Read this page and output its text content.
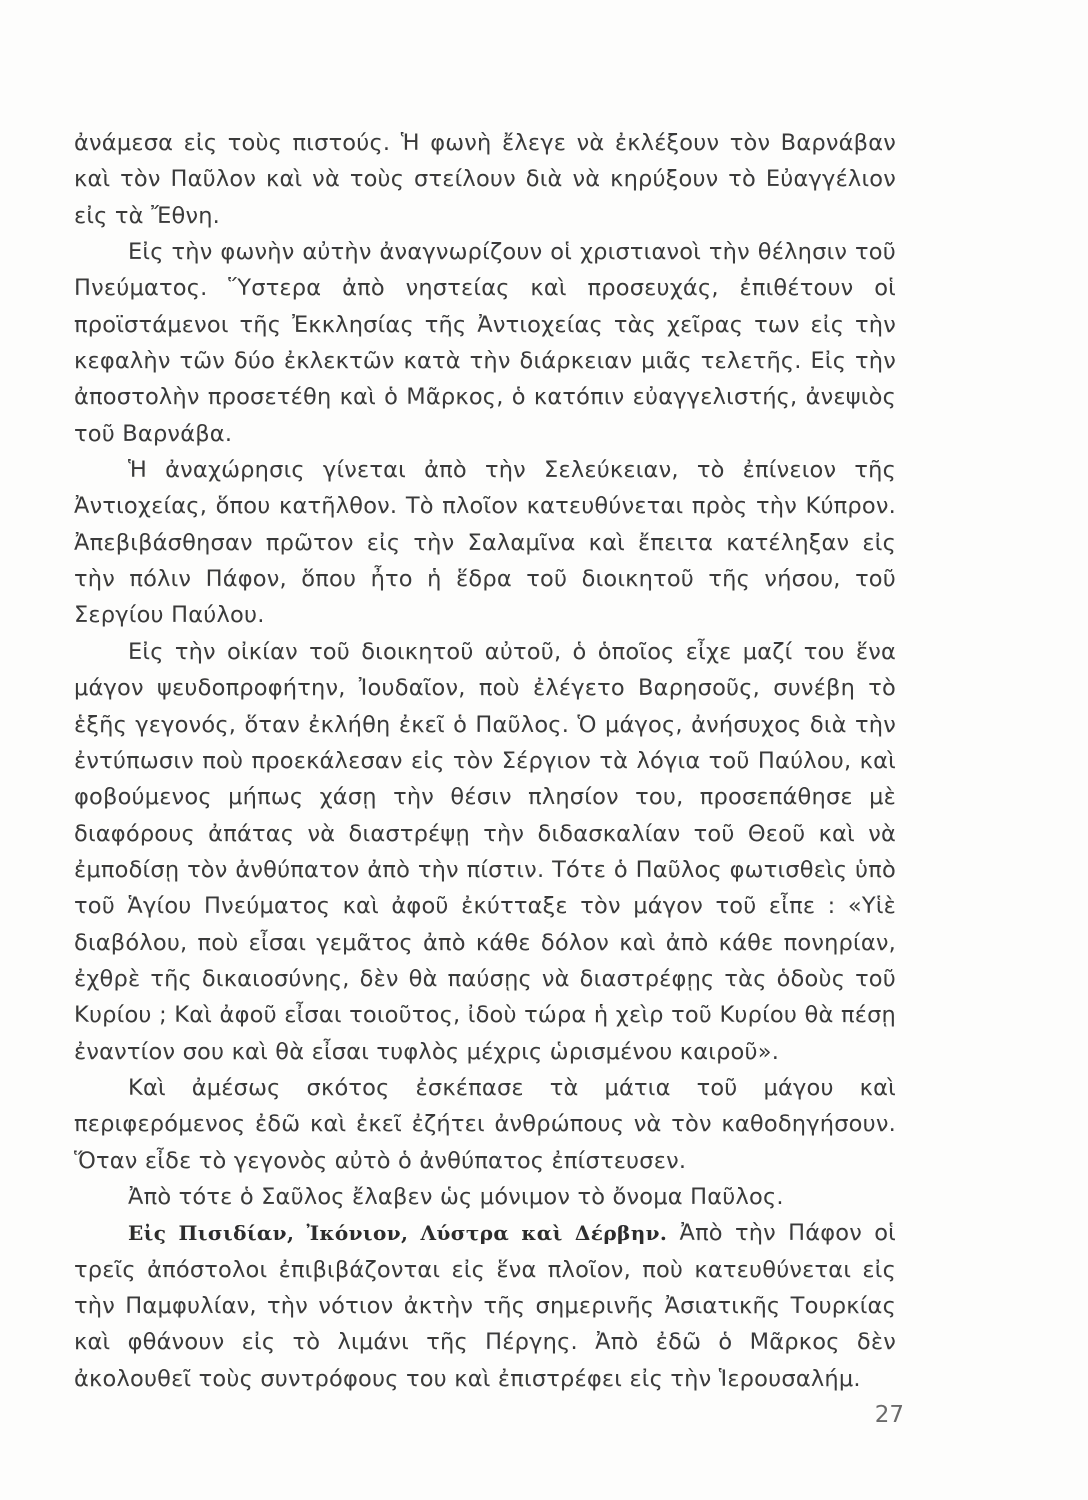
ἀνάμεσα εἰς τοὺς πιστούς. Ἡ φωνὴ ἔλεγε νὰ ἐκλέξουν τὸν Βαρνάβαν καὶ τὸν Παῦλον καὶ νὰ τοὺς στείλουν διὰ νὰ κηρύξουν τὸ Εὐαγγέλιον εἰς τὰ Ἔθνη.

Εἰς τὴν φωνὴν αὐτὴν ἀναγνωρίζουν οἱ χριστιανοὶ τὴν θέλησιν τοῦ Πνεύματος. Ὕστερα ἀπὸ νηστείας καὶ προσευχάς, ἐπιθέτουν οἱ προϊστάμενοι τῆς Ἐκκλησίας τῆς Ἀντιοχείας τὰς χεῖρας των εἰς τὴν κεφαλὴν τῶν δύο ἐκλεκτῶν κατὰ τὴν διάρκειαν μιᾶς τελετῆς. Εἰς τὴν ἀποστολὴν προσετέθη καὶ ὁ Μᾶρκος, ὁ κατόπιν εὐαγγελιστής, ἀνεψιὸς τοῦ Βαρνάβα.

Ἡ ἀναχώρησις γίνεται ἀπὸ τὴν Σελεύκειαν, τὸ ἐπίνειον τῆς Ἀντιοχείας, ὅπου κατῆλθον. Τὸ πλοῖον κατευθύνεται πρὸς τὴν Κύπρον. Ἀπεβιβάσθησαν πρῶτον εἰς τὴν Σαλαμῖνα καὶ ἔπειτα κατέληξαν εἰς τὴν πόλιν Πάφον, ὅπου ἦτο ἡ ἕδρα τοῦ διοικητοῦ τῆς νήσου, τοῦ Σεργίου Παύλου.

Εἰς τὴν οἰκίαν τοῦ διοικητοῦ αὐτοῦ, ὁ ὁποῖος εἶχε μαζί του ἕνα μάγον ψευδοπροφήτην, Ἰουδαῖον, ποὺ ἐλέγετο Βαρησοῦς, συνέβη τὸ ἑξῆς γεγονός, ὅταν ἐκλήθη ἐκεῖ ὁ Παῦλος. Ὁ μάγος, ἀνήσυχος διὰ τὴν ἐντύπωσιν ποὺ προεκάλεσαν εἰς τὸν Σέργιον τὰ λόγια τοῦ Παύλου, καὶ φοβούμενος μήπως χάσῃ τὴν θέσιν πλησίον του, προσεπάθησε μὲ διαφόρους ἀπάτας νὰ διαστρέψῃ τὴν διδασκαλίαν τοῦ Θεοῦ καὶ νὰ ἐμποδίσῃ τὸν ἀνθύπατον ἀπὸ τὴν πίστιν. Τότε ὁ Παῦλος φωτισθεὶς ὑπὸ τοῦ Ἁγίου Πνεύματος καὶ ἀφοῦ ἐκύτταξε τὸν μάγον τοῦ εἶπε : «Υἱὲ διαβόλου, ποὺ εἶσαι γεμᾶτος ἀπὸ κάθε δόλον καὶ ἀπὸ κάθε πονηρίαν, ἐχθρὲ τῆς δικαιοσύνης, δὲν θὰ παύσῃς νὰ διαστρέφῃς τὰς ὁδοὺς τοῦ Κυρίου ; Καὶ ἀφοῦ εἶσαι τοιοῦτος, ἰδοὺ τώρα ἡ χεὶρ τοῦ Κυρίου θὰ πέσῃ ἐναντίον σου καὶ θὰ εἶσαι τυφλὸς μέχρις ὡρισμένου καιροῦ».

Καὶ ἀμέσως σκότος ἐσκέπασε τὰ μάτια τοῦ μάγου καὶ περιφερόμενος ἐδῶ καὶ ἐκεῖ ἐζήτει ἀνθρώπους νὰ τὸν καθοδηγήσουν. Ὅταν εἶδε τὸ γεγονὸς αὐτὸ ὁ ἀνθύπατος ἐπίστευσεν.

Ἀπὸ τότε ὁ Σαῦλος ἔλαβεν ὡς μόνιμον τὸ ὄνομα Παῦλος.

Εἰς Πισιδίαν, Ἰκόνιον, Λύστρα καὶ Δέρβην. Ἀπὸ τὴν Πάφον οἱ τρεῖς ἀπόστολοι ἐπιβιβάζονται εἰς ἕνα πλοῖον, ποὺ κατευθύνεται εἰς τὴν Παμφυλίαν, τὴν νότιον ἀκτὴν τῆς σημερινῆς Ἀσιατικῆς Τουρκίας καὶ φθάνουν εἰς τὸ λιμάνι τῆς Πέργης. Ἀπὸ ἐδῶ ὁ Μᾶρκος δὲν ἀκολουθεῖ τοὺς συντρόφους του καὶ ἐπιστρέφει εἰς τὴν Ἱερουσαλήμ.

27
